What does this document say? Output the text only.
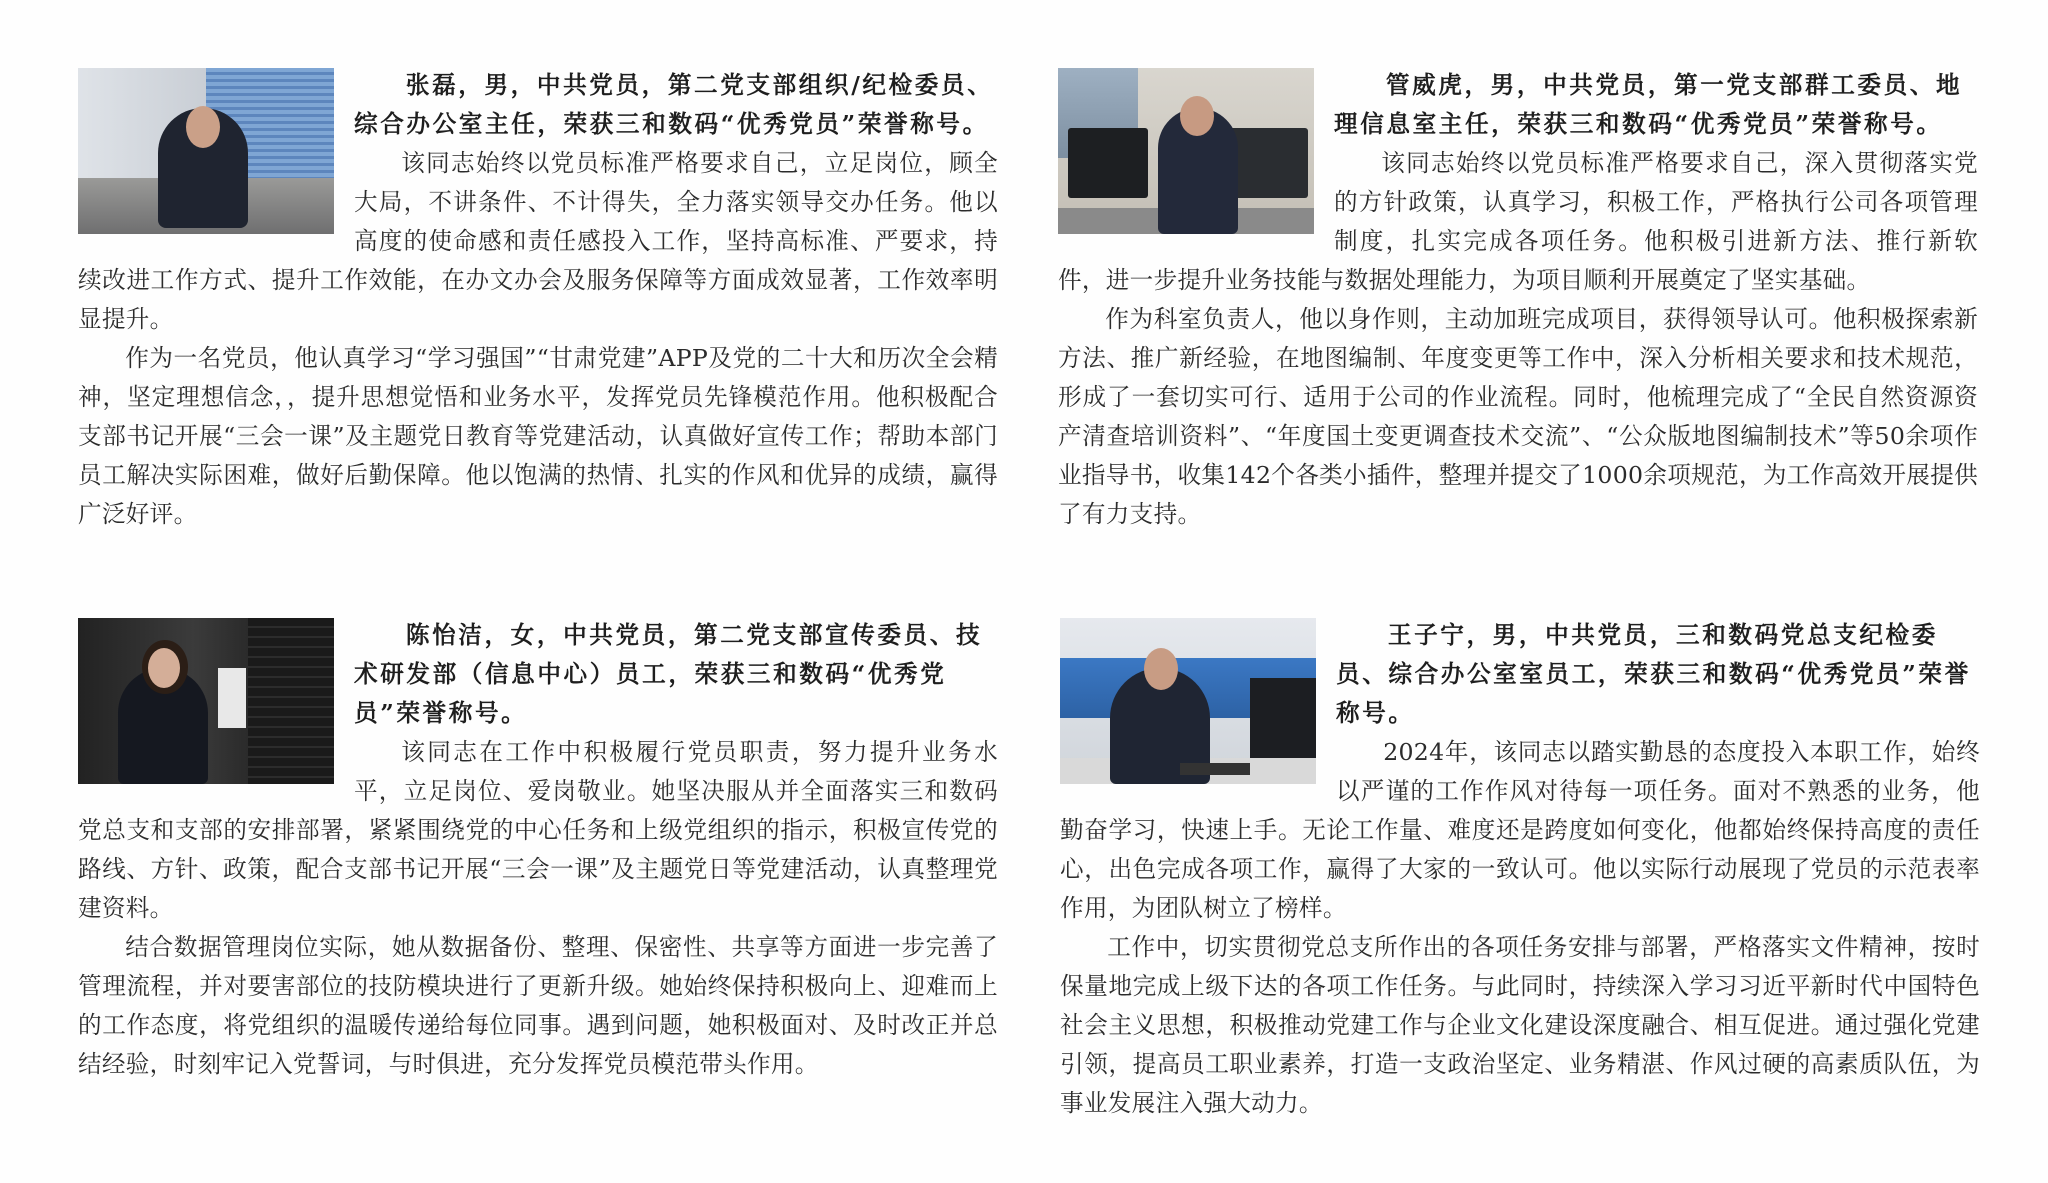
张磊，男，中共党员，第二党支部组织/纪检委员、综合办公室主任，荣获三和数码“优秀党员”荣誉称号。

该同志始终以党员标准严格要求自己，立足岗位，顾全大局，不讲条件、不计得失，全力落实领导交办任务。他以高度的使命感和责任感投入工作，坚持高标准、严要求，持续改进工作方式、提升工作效能，在办文办会及服务保障等方面成效显著，工作效率明显提升。

作为一名党员，他认真学习“学习强国”“甘肃党建”APP及党的二十大和历次全会精神，坚定理想信念，，提升思想觉悟和业务水平，发挥党员先锋模范作用。他积极配合支部书记开展“三会一课”及主题党日教育等党建活动，认真做好宣传工作；帮助本部门员工解决实际困难，做好后勤保障。他以饱满的热情、扎实的作风和优异的成绩，赢得广泛好评。

管威虎，男，中共党员，第一党支部群工委员、地理信息室主任，荣获三和数码“优秀党员”荣誉称号。

该同志始终以党员标准严格要求自己，深入贯彻落实党的方针政策，认真学习，积极工作，严格执行公司各项管理制度，扎实完成各项任务。他积极引进新方法、推行新软件，进一步提升业务技能与数据处理能力，为项目顺利开展奠定了坚实基础。

作为科室负责人，他以身作则，主动加班完成项目，获得领导认可。他积极探索新方法、推广新经验，在地图编制、年度变更等工作中，深入分析相关要求和技术规范，形成了一套切实可行、适用于公司的作业流程。同时，他梳理完成了“全民自然资源资产清查培训资料”、“年度国土变更调查技术交流”、“公众版地图编制技术”等50余项作业指导书，收集142个各类小插件，整理并提交了1000余项规范，为工作高效开展提供了有力支持。

陈怡洁，女，中共党员，第二党支部宣传委员、技术研发部（信息中心）员工，荣获三和数码“优秀党员”荣誉称号。

该同志在工作中积极履行党员职责，努力提升业务水平，立足岗位、爱岗敬业。她坚决服从并全面落实三和数码党总支和支部的安排部署，紧紧围绕党的中心任务和上级党组织的指示，积极宣传党的路线、方针、政策，配合支部书记开展“三会一课”及主题党日等党建活动，认真整理党建资料。

结合数据管理岗位实际，她从数据备份、整理、保密性、共享等方面进一步完善了管理流程，并对要害部位的技防模块进行了更新升级。她始终保持积极向上、迎难而上的工作态度，将党组织的温暖传递给每位同事。遇到问题，她积极面对、及时改正并总结经验，时刻牢记入党誓词，与时俱进，充分发挥党员模范带头作用。

王子宁，男，中共党员，三和数码党总支纪检委员、综合办公室室员工，荣获三和数码“优秀党员”荣誉称号。

2024年，该同志以踏实勤恳的态度投入本职工作，始终以严谨的工作作风对待每一项任务。面对不熟悉的业务，他勤奋学习，快速上手。无论工作量、难度还是跨度如何变化，他都始终保持高度的责任心，出色完成各项工作，赢得了大家的一致认可。他以实际行动展现了党员的示范表率作用，为团队树立了榜样。

工作中，切实贯彻党总支所作出的各项任务安排与部署，严格落实文件精神，按时保量地完成上级下达的各项工作任务。与此同时，持续深入学习习近平新时代中国特色社会主义思想，积极推动党建工作与企业文化建设深度融合、相互促进。通过强化党建引领，提高员工职业素养，打造一支政治坚定、业务精湛、作风过硬的高素质队伍，为事业发展注入强大动力。
